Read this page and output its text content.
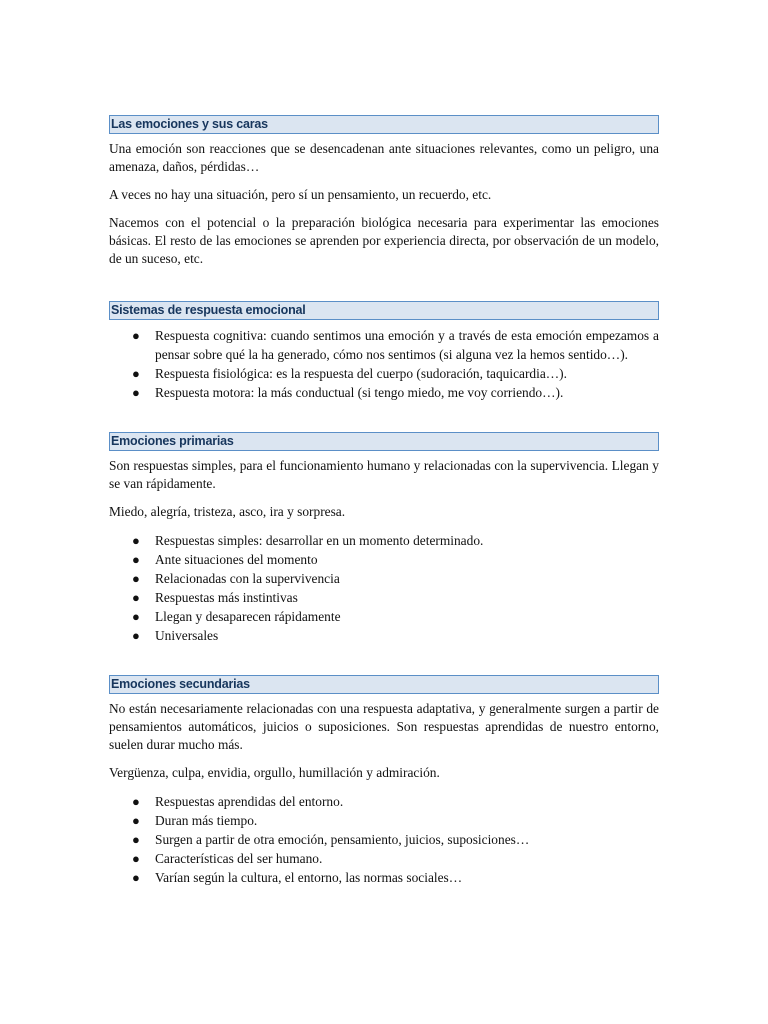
Las emociones y sus caras

Una emoción son reacciones que se desencadenan ante situaciones relevantes, como un peligro, una amenaza, daños, pérdidas…

A veces no hay una situación, pero sí un pensamiento, un recuerdo, etc.

Nacemos con el potencial o la preparación biológica necesaria para experimentar las emociones básicas. El resto de las emociones se aprenden por experiencia directa, por observación de un modelo, de un suceso, etc.

Sistemas de respuesta emocional
● Respuesta cognitiva: cuando sentimos una emoción y a través de esta emoción empezamos a pensar sobre qué la ha generado, cómo nos sentimos (si alguna vez la hemos sentido…).
● Respuesta fisiológica: es la respuesta del cuerpo (sudoración, taquicardia…).
● Respuesta motora: la más conductual (si tengo miedo, me voy corriendo…).
Emociones primarias

Son respuestas simples, para el funcionamiento humano y relacionadas con la supervivencia. Llegan y se van rápidamente.

Miedo, alegría, tristeza, asco, ira y sorpresa.

● Respuestas simples: desarrollar en un momento determinado.
● Ante situaciones del momento
● Relacionadas con la supervivencia
● Respuestas más instintivas
● Llegan y desaparecen rápidamente
● Universales
Emociones secundarias

No están necesariamente relacionadas con una respuesta adaptativa, y generalmente surgen a partir de pensamientos automáticos, juicios o suposiciones. Son respuestas aprendidas de nuestro entorno, suelen durar mucho más.

Vergüenza, culpa, envidia, orgullo, humillación y admiración.

● Respuestas aprendidas del entorno.
● Duran más tiempo.
● Surgen a partir de otra emoción, pensamiento, juicios, suposiciones…
● Características del ser humano.
● Varían según la cultura, el entorno, las normas sociales…
